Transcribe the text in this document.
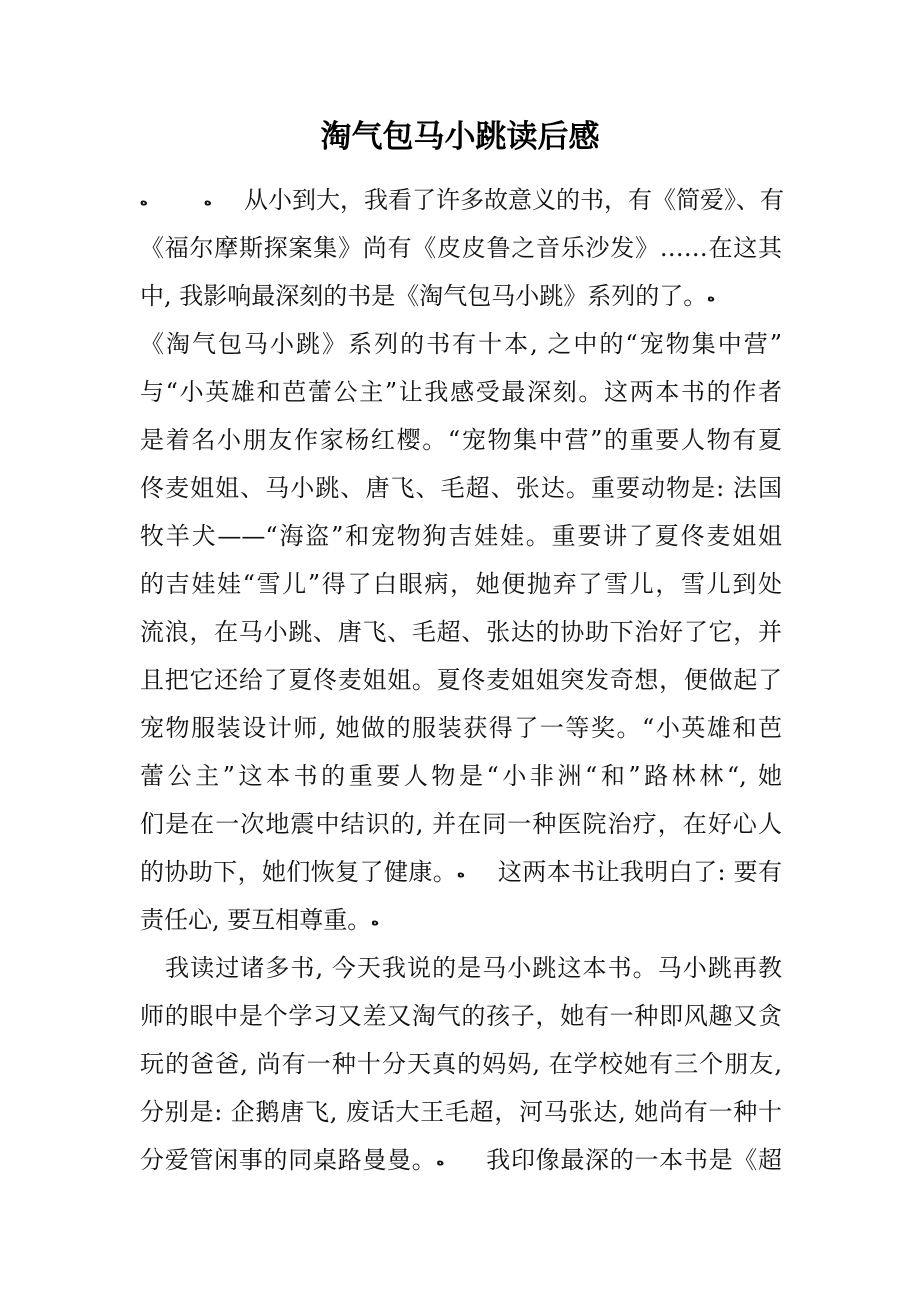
淘气包马小跳读后感
ه　　	ه　从小到大，我看了许多故意义的书，有《简爱》、有
《福尔摩斯探案集》尚有《皮皮鲁之音乐沙发》……在这其
中, 我影响最深刻的书是《淘气包马小跳》系列的了。ه
《淘气包马小跳》系列的书有十本, 之中的“宠物集中营”
与“小英雄和芭蕾公主”让我感受最深刻。这两本书的作者
是着名小朋友作家杨红樱。“宠物集中营”的重要人物有夏
佟麦姐姐、马小跳、唐飞、毛超、张达。重要动物是: 法国
牧羊犬——“海盗”和宠物狗吉娃娃。重要讲了夏佟麦姐姐
的吉娃娃“雪儿”得了白眼病，她便抛弃了雪儿，雪儿到处
流浪，在马小跳、唐飞、毛超、张达的协助下治好了它，并
且把它还给了夏佟麦姐姐。夏佟麦姐姐突发奇想，便做起了
宠物服装设计师, 她做的服装获得了一等奖。“小英雄和芭
蕾公主”这本书的重要人物是“小非洲“和”路林林“, 她
们是在一次地震中结识的, 并在同一种医院治疗，在好心人
的协助下，她们恢复了健康。ه　这两本书让我明白了: 要有
责任心, 要互相尊重。ه
　我读过诸多书, 今天我说的是马小跳这本书。马小跳再教
师的眼中是个学习又差又淘气的孩子，她有一种即风趣又贪
玩的爸爸, 尚有一种十分天真的妈妈, 在学校她有三个朋友,
分别是: 企鹅唐飞, 废话大王毛超，河马张达, 她尚有一种十
分爱管闲事的同桌路曼曼。ه　 我印像最深的一本书是《超
